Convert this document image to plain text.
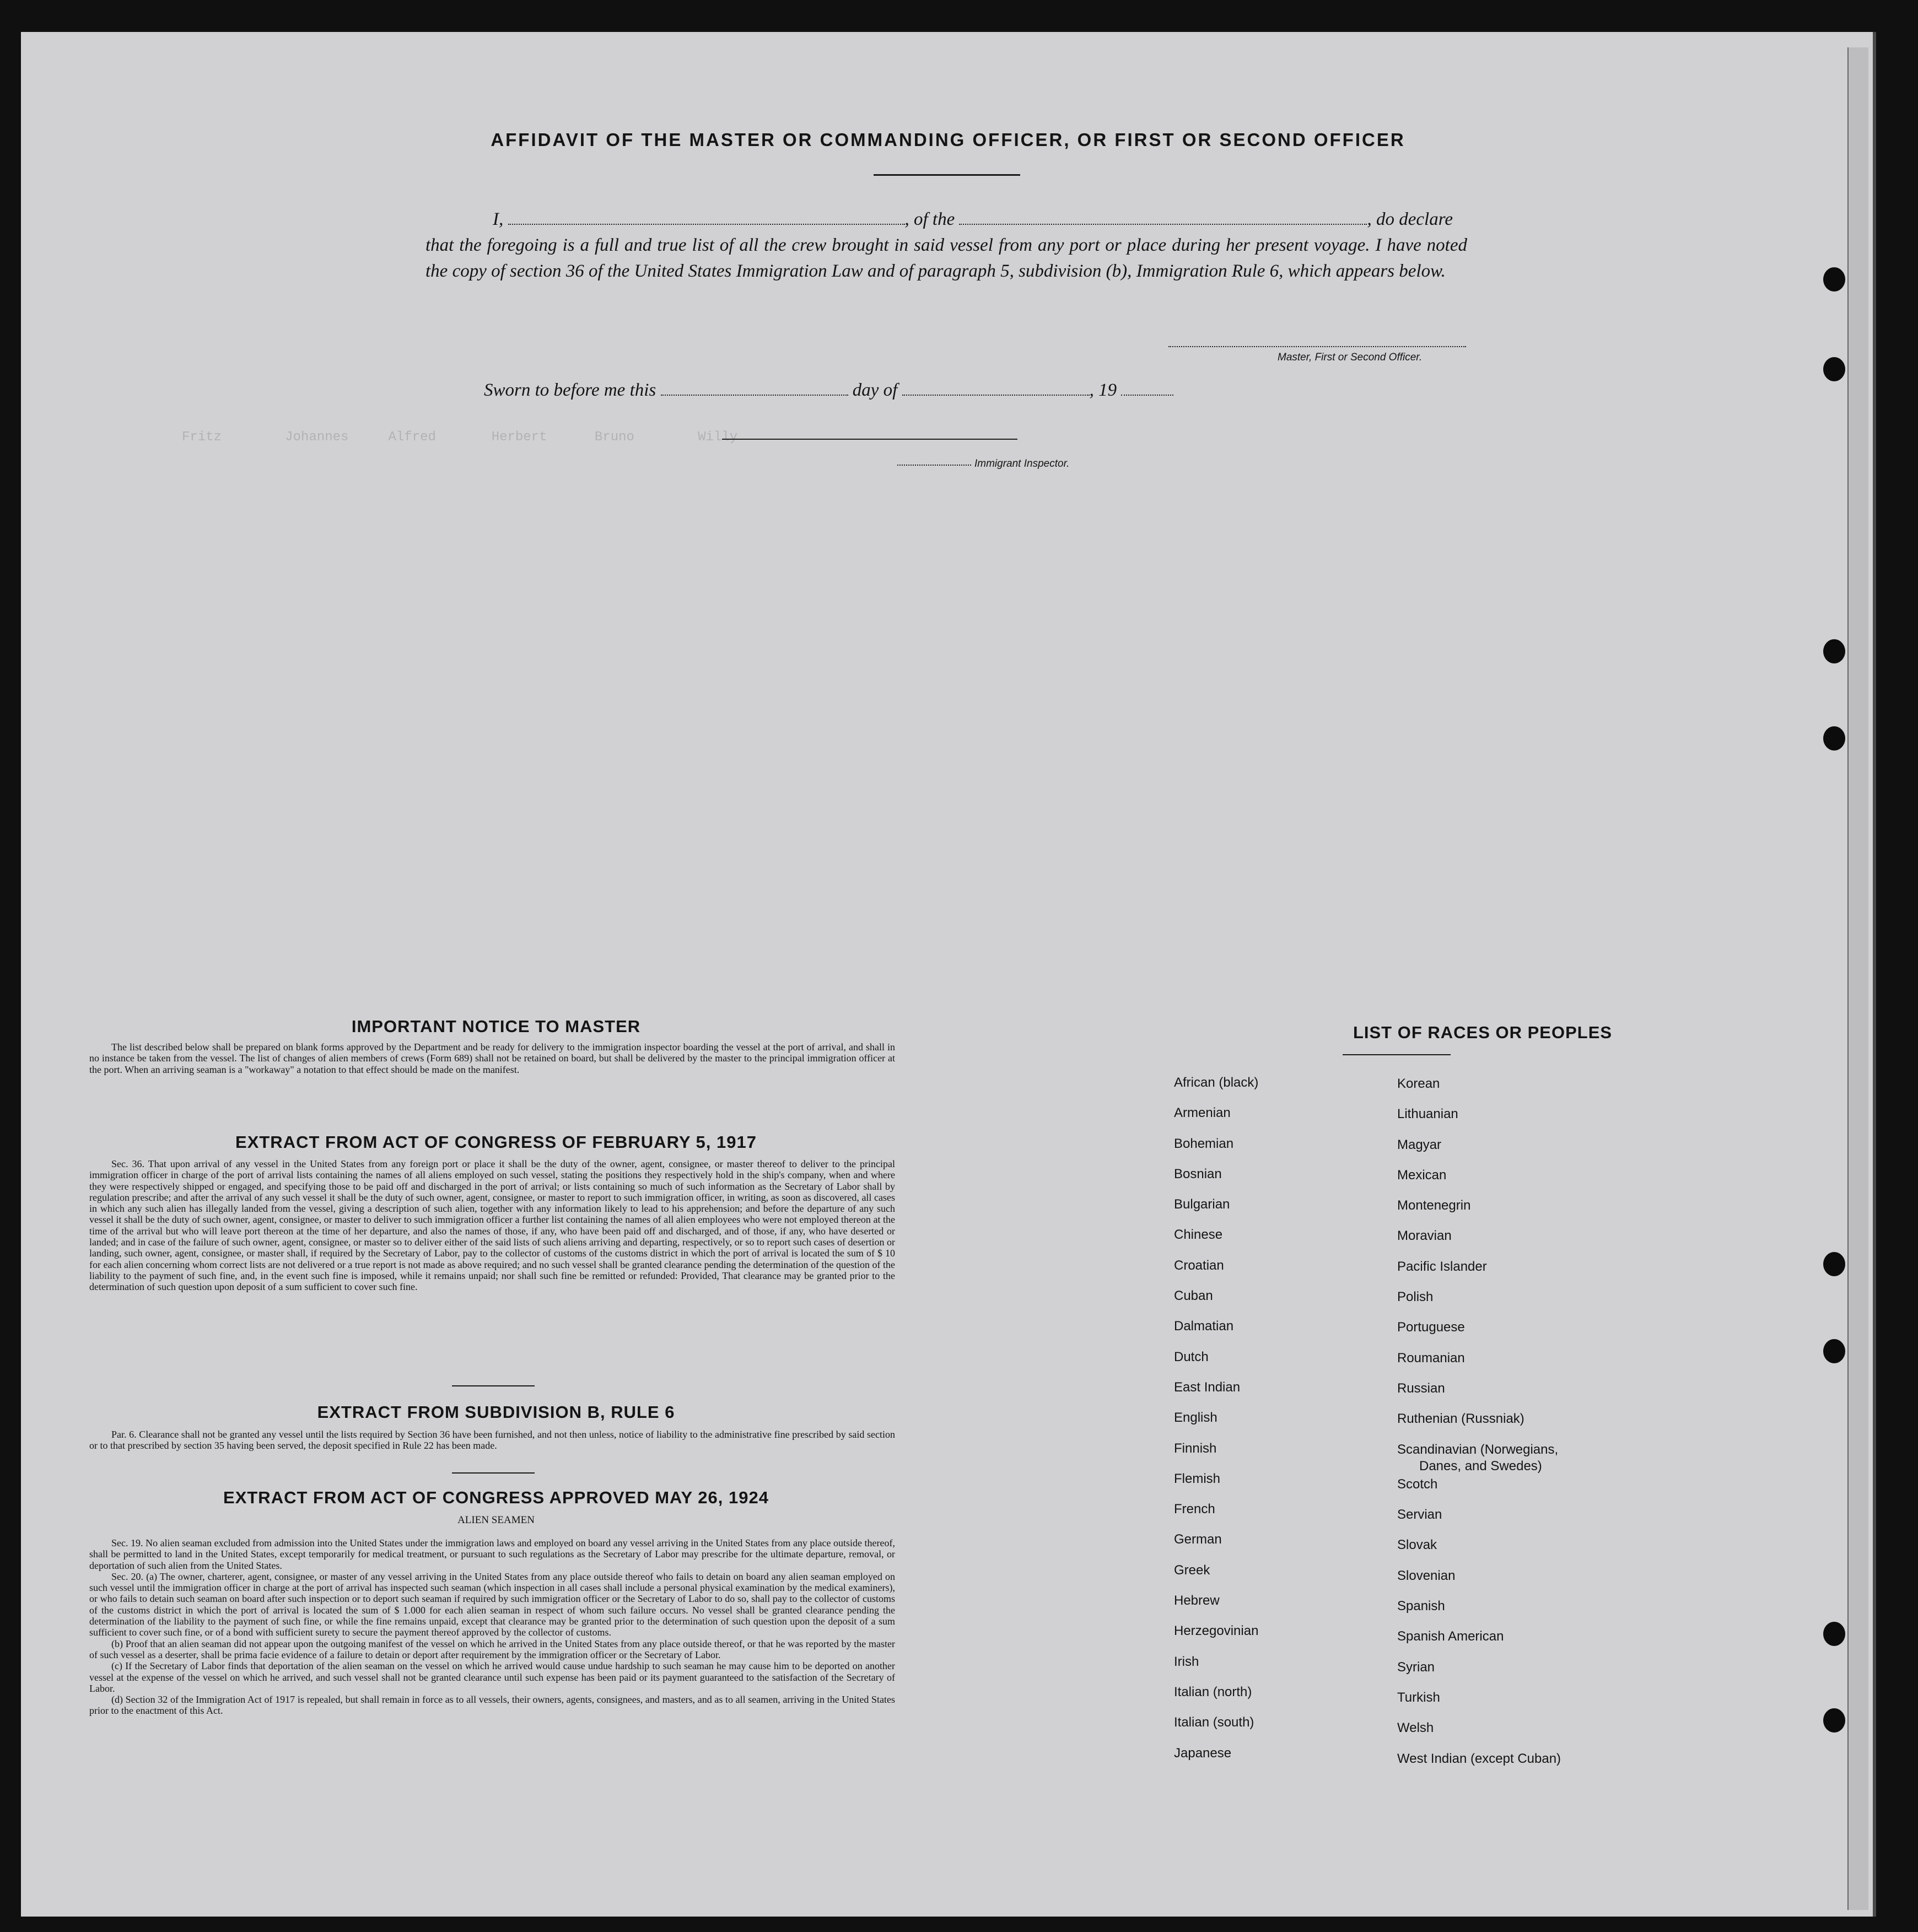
Fritz        Johannes     Alfred       Herbert      Bruno        Willy
AFFIDAVIT OF THE MASTER OR COMMANDING OFFICER, OR FIRST OR SECOND OFFICER
I,	, of the	, do declare
that the foregoing is a full and true list of all the crew brought in said vessel from any port or place during her present voyage. I have noted the copy of section 36 of the United States Immigration Law and of paragraph 5, subdivision (b), Immigration Rule 6, which appears below.
Master, First or Second Officer.
Sworn to before me this	day of	, 19
Immigrant Inspector.
IMPORTANT NOTICE TO MASTER

The list described below shall be prepared on blank forms approved by the Department and be ready for delivery to the immigration inspector boarding the vessel at the port of arrival, and shall in no instance be taken from the vessel. The list of changes of alien members of crews (Form 689) shall not be retained on board, but shall be delivered by the master to the principal immigration officer at the port. When an arriving seaman is a "workaway" a notation to that effect should be made on the manifest.

EXTRACT FROM ACT OF CONGRESS OF FEBRUARY 5, 1917

Sec. 36. That upon arrival of any vessel in the United States from any foreign port or place it shall be the duty of the owner, agent, consignee, or master thereof to deliver to the principal immigration officer in charge of the port of arrival lists containing the names of all aliens employed on such vessel, stating the positions they respectively hold in the ship's company, when and where they were respectively shipped or engaged, and specifying those to be paid off and discharged in the port of arrival; or lists containing so much of such information as the Secretary of Labor shall by regulation prescribe; and after the arrival of any such vessel it shall be the duty of such owner, agent, consignee, or master to report to such immigration officer, in writing, as soon as discovered, all cases in which any such alien has illegally landed from the vessel, giving a description of such alien, together with any information likely to lead to his apprehension; and before the departure of any such vessel it shall be the duty of such owner, agent, consignee, or master to deliver to such immigration officer a further list containing the names of all alien employees who were not employed thereon at the time of the arrival but who will leave port thereon at the time of her departure, and also the names of those, if any, who have been paid off and discharged, and of those, if any, who have deserted or landed; and in case of the failure of such owner, agent, consignee, or master so to deliver either of the said lists of such aliens arriving and departing, respectively, or so to report such cases of desertion or landing, such owner, agent, consignee, or master shall, if required by the Secretary of Labor, pay to the collector of customs of the customs district in which the port of arrival is located the sum of $ 10 for each alien concerning whom correct lists are not delivered or a true report is not made as above required; and no such vessel shall be granted clearance pending the determination of the question of the liability to the payment of such fine, and, in the event such fine is imposed, while it remains unpaid; nor shall such fine be remitted or refunded: Provided, That clearance may be granted prior to the determination of such question upon deposit of a sum sufficient to cover such fine.

EXTRACT FROM SUBDIVISION B, RULE 6

Par. 6. Clearance shall not be granted any vessel until the lists required by Section 36 have been furnished, and not then unless, notice of liability to the administrative fine prescribed by said section or to that prescribed by section 35 having been served, the deposit specified in Rule 22 has been made.

EXTRACT FROM ACT OF CONGRESS APPROVED MAY 26, 1924
ALIEN SEAMEN

Sec. 19. No alien seaman excluded from admission into the United States under the immigration laws and employed on board any vessel arriving in the United States from any place outside thereof, shall be permitted to land in the United States, except temporarily for medical treatment, or pursuant to such regulations as the Secretary of Labor may prescribe for the ultimate departure, removal, or deportation of such alien from the United States.

Sec. 20. (a) The owner, charterer, agent, consignee, or master of any vessel arriving in the United States from any place outside thereof who fails to detain on board any alien seaman employed on such vessel until the immigration officer in charge at the port of arrival has inspected such seaman (which inspection in all cases shall include a personal physical examination by the medical examiners), or who fails to detain such seaman on board after such inspection or to deport such seaman if required by such immigration officer or the Secretary of Labor to do so, shall pay to the collector of customs of the customs district in which the port of arrival is located the sum of $ 1.000 for each alien seaman in respect of whom such failure occurs. No vessel shall be granted clearance pending the determination of the liability to the payment of such fine, or while the fine remains unpaid, except that clearance may be granted prior to the determination of such question upon the deposit of a sum sufficient to cover such fine, or of a bond with sufficient surety to secure the payment thereof approved by the collector of customs.

(b) Proof that an alien seaman did not appear upon the outgoing manifest of the vessel on which he arrived in the United States from any place outside thereof, or that he was reported by the master of such vessel as a deserter, shall be prima facie evidence of a failure to detain or deport after requirement by the immigration officer or the Secretary of Labor.

(c) If the Secretary of Labor finds that deportation of the alien seaman on the vessel on which he arrived would cause undue hardship to such seaman he may cause him to be deported on another vessel at the expense of the vessel on which he arrived, and such vessel shall not be granted clearance until such expense has been paid or its payment guaranteed to the satisfaction of the Secretary of Labor.

(d) Section 32 of the Immigration Act of 1917 is repealed, but shall remain in force as to all vessels, their owners, agents, consignees, and masters, and as to all seamen, arriving in the United States prior to the enactment of this Act.

LIST OF RACES OR PEOPLES
African (black)
Armenian
Bohemian
Bosnian
Bulgarian
Chinese
Croatian
Cuban
Dalmatian
Dutch
East Indian
English
Finnish
Flemish
French
German
Greek
Hebrew
Herzegovinian
Irish
Italian (north)
Italian (south)
Japanese
Korean
Lithuanian
Magyar
Mexican
Montenegrin
Moravian
Pacific Islander
Polish
Portuguese
Roumanian
Russian
Ruthenian (Russniak)
Scandinavian (Norwegians,
Danes, and Swedes)
Scotch
Servian
Slovak
Slovenian
Spanish
Spanish American
Syrian
Turkish
Welsh
West Indian (except Cuban)
